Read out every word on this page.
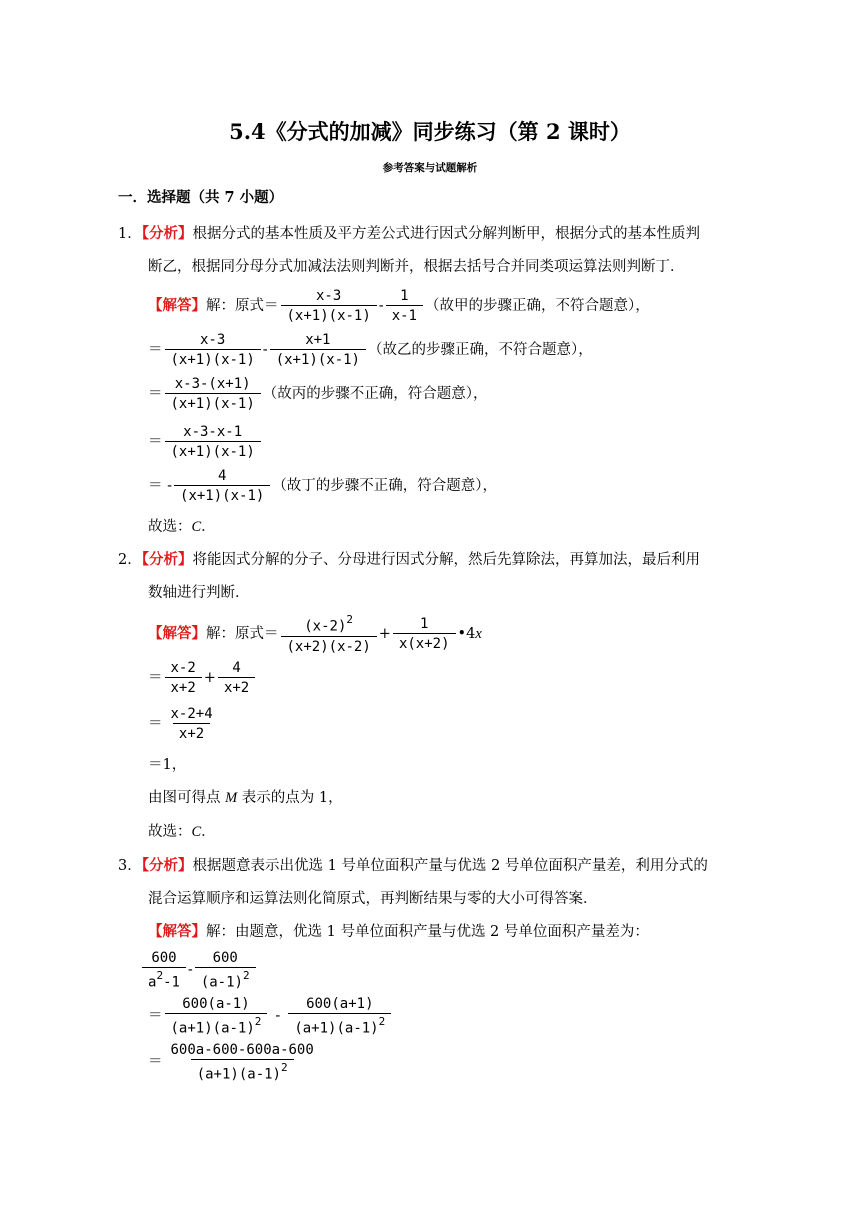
5.4《分式的加减》同步练习（第 2 课时）
参考答案与试题解析
一．选择题（共 7 小题）
1．【分析】根据分式的基本性质及平方差公式进行因式分解判断甲，根据分式的基本性质判
断乙，根据同分母分式加减法法则判断并，根据去括号合并同类项运算法则判断丁．
【解答】 解：原式＝ $\frac{x-3}{(x+1)(x-1)} - \frac{1}{x-1}$ （故甲的步骤正确，不符合题意），
＝ $\frac{x-3}{(x+1)(x-1)} - \frac{x+1}{(x+1)(x-1)}$ （故乙的步骤正确，不符合题意），
＝ $\frac{x-3-(x+1)}{(x+1)(x-1)}$ （故丙的步骤不正确，符合题意），
＝ $\frac{x-3-x-1}{(x+1)(x-1)}$
＝ - $\frac{4}{(x+1)(x-1)}$ （故丁的步骤不正确，符合题意），
故选：C．
2．【分析】将能因式分解的分子、分母进行因式分解，然后先算除法，再算加法，最后利用
数轴进行判断．
【解答】 解：原式＝ $\frac{(x-2)^2}{(x+2)(x-2)} + \frac{1}{x(x+2)}$ •4 x
＝ $\frac{x-2}{x+2} + \frac{4}{x+2}$
＝ $\frac{x-2+4}{x+2}$
＝1，
由图可得点 M 表示的点为 1，
故选：C．
3．【分析】根据题意表示出优选 1 号单位面积产量与优选 2 号单位面积产量差，利用分式的
混合运算顺序和运算法则化简原式，再判断结果与零的大小可得答案．
【解答】解：由题意，优选 1 号单位面积产量与优选 2 号单位面积产量差为：
$\frac{600}{a^2-1} - \frac{600}{(a-1)^2}$
＝ $\frac{600(a-1)}{(a+1)(a-1)^2} - \frac{600(a+1)}{(a+1)(a-1)^2}$
＝ $\frac{600a-600-600a-600}{(a+1)(a-1)^2}$
